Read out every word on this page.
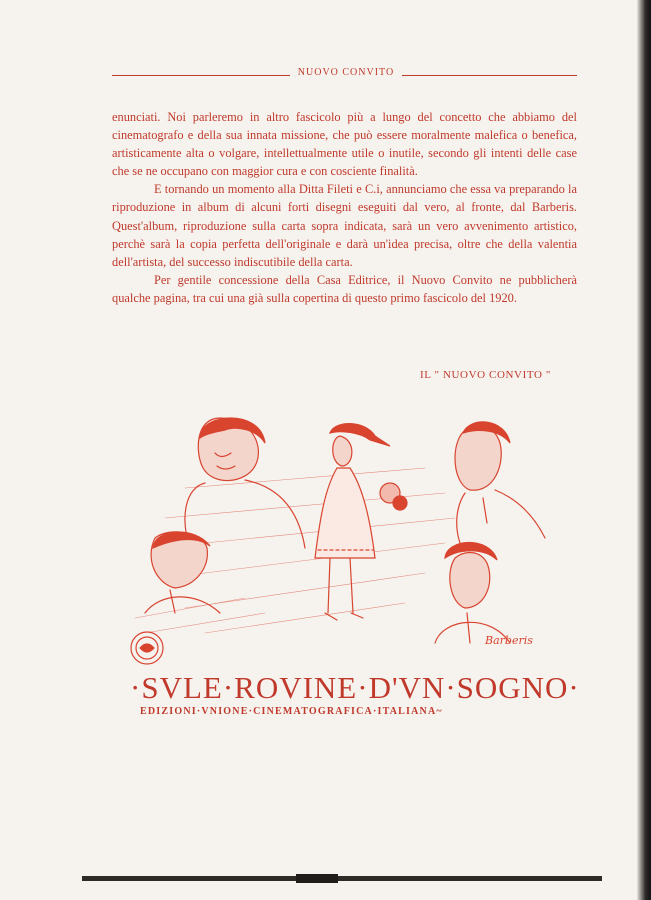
NUOVO CONVITO

enunciati. Noi parleremo in altro fascicolo più a lungo del concetto che abbiamo del cinematografo e della sua innata missione, che può essere moralmente malefica o benefica, artisticamente alta o volgare, intellettualmente utile o inutile, secondo gli intenti delle case che se ne occupano con maggior cura e con cosciente finalità.

E tornando un momento alla Ditta Fileti e C.i, annunciamo che essa va preparando la riproduzione in album di alcuni forti disegni eseguiti dal vero, al fronte, dal Barberis. Quest'album, riproduzione sulla carta sopra indicata, sarà un vero avvenimento artistico, perchè sarà la copia perfetta dell'originale e darà un'idea precisa, oltre che della valentia dell'artista, del successo indiscutibile della carta.

Per gentile concessione della Casa Editrice, il Nuovo Convito ne pubblicherà qualche pagina, tra cui una già sulla copertina di questo primo fascicolo del 1920.

IL " NUOVO CONVITO "
Barberis
·SVLE·ROVINE·D'VN·SOGNO·
EDIZIONI·VNIONE·CINEMATOGRAFICA·ITALIANA~
